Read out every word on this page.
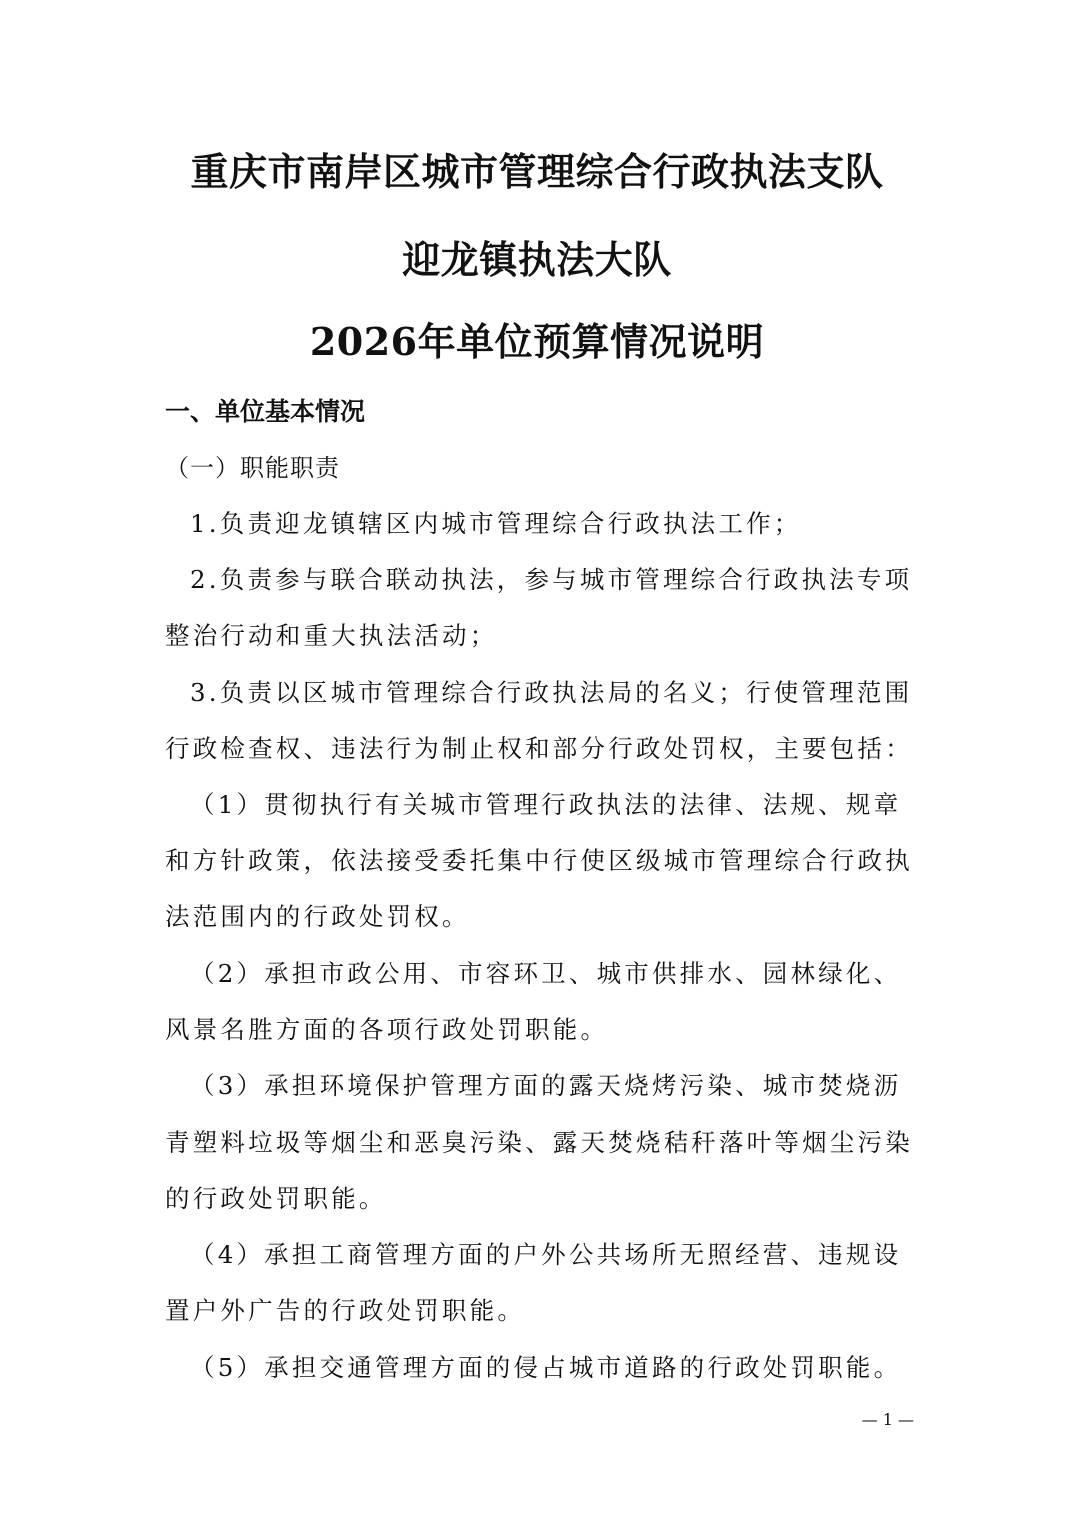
重庆市南岸区城市管理综合行政执法支队
迎龙镇执法大队
2026年单位预算情况说明
一、单位基本情况
（一）职能职责
1.负责迎龙镇辖区内城市管理综合行政执法工作；
2.负责参与联合联动执法，参与城市管理综合行政执法专项
整治行动和重大执法活动；
3.负责以区城市管理综合行政执法局的名义；行使管理范围
行政检查权、违法行为制止权和部分行政处罚权，主要包括：
（1）贯彻执行有关城市管理行政执法的法律、法规、规章
和方针政策，依法接受委托集中行使区级城市管理综合行政执
法范围内的行政处罚权。
（2）承担市政公用、市容环卫、城市供排水、园林绿化、
风景名胜方面的各项行政处罚职能。
（3）承担环境保护管理方面的露天烧烤污染、城市焚烧沥
青塑料垃圾等烟尘和恶臭污染、露天焚烧秸秆落叶等烟尘污染
的行政处罚职能。
（4）承担工商管理方面的户外公共场所无照经营、违规设
置户外广告的行政处罚职能。
（5）承担交通管理方面的侵占城市道路的行政处罚职能。
— 1 —
